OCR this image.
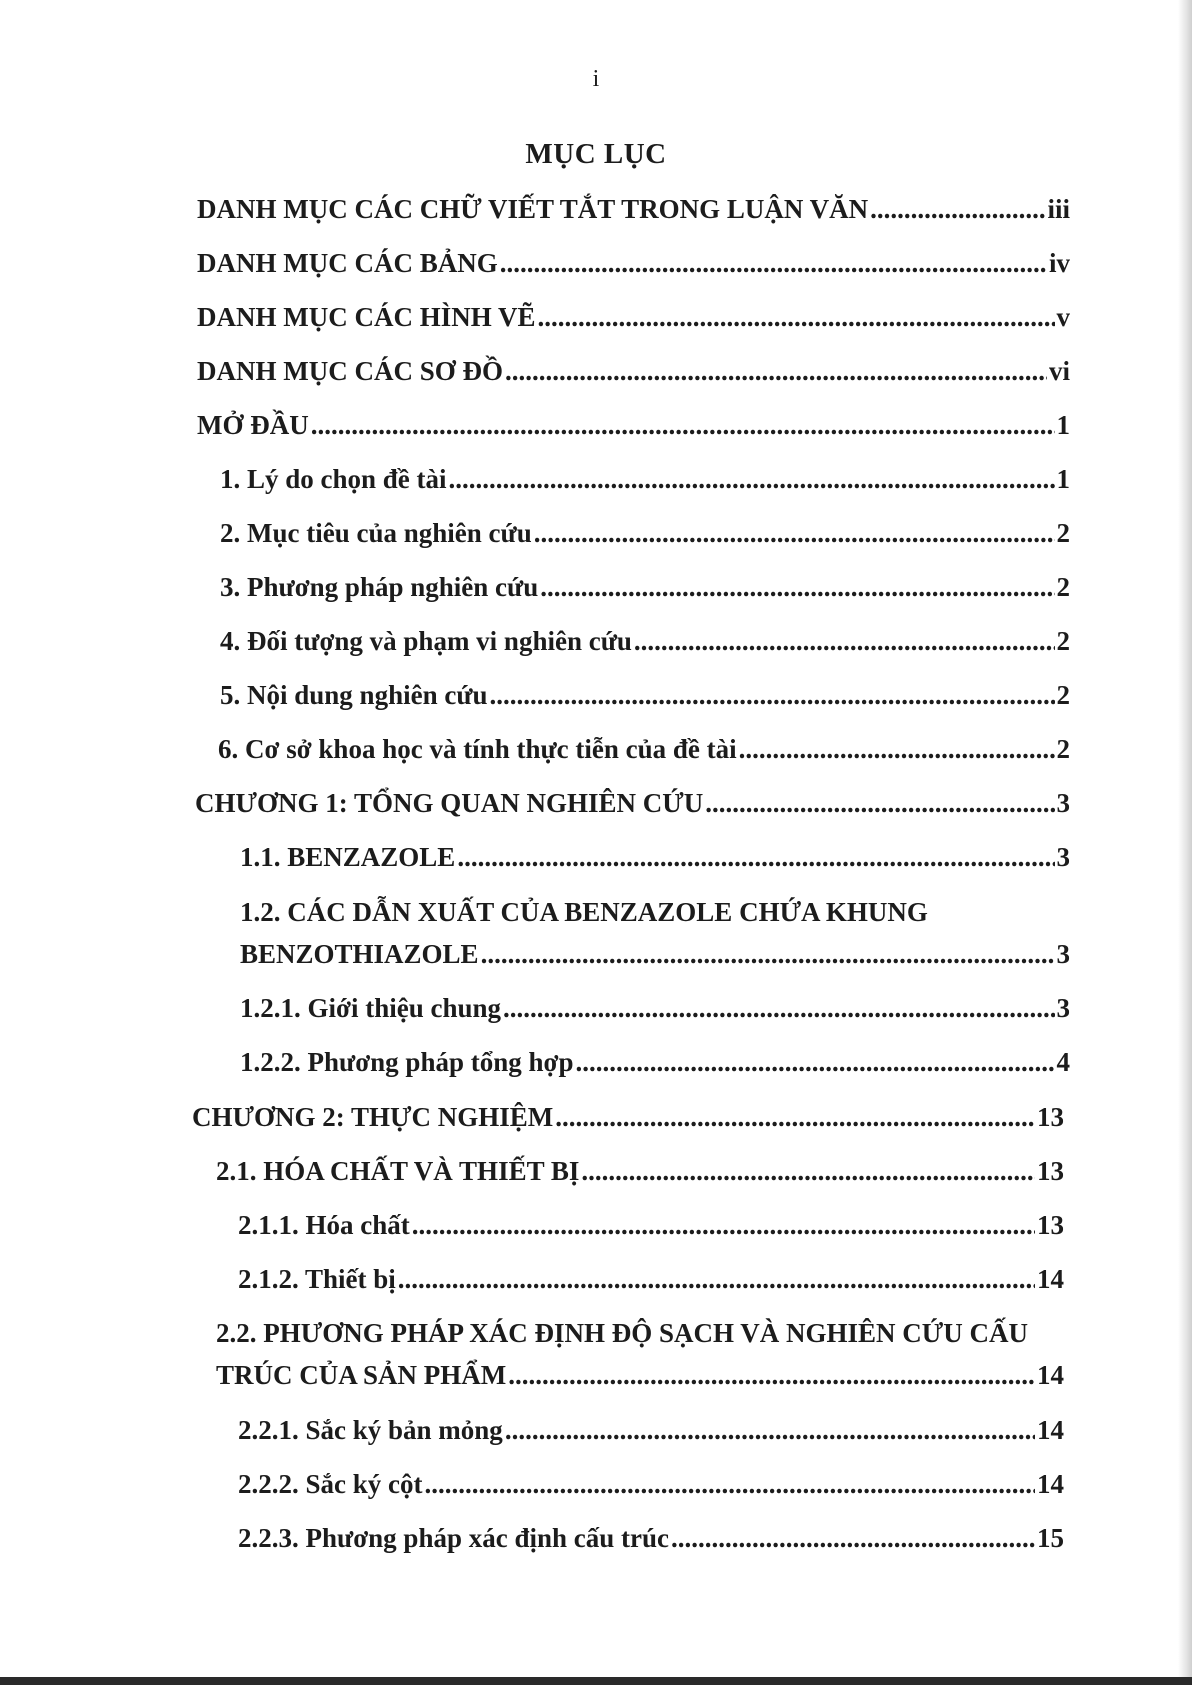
i
MỤC LỤC
DANH MỤC CÁC CHỮ VIẾT TẮT TRONG LUẬN VĂN .....	iii
DANH MỤC CÁC BẢNG .....	iv
DANH MỤC CÁC HÌNH VẼ .....	v
DANH MỤC CÁC SƠ ĐỒ .....	vi
MỞ ĐẦU .....	1
1. Lý do chọn đề tài .....	1
2. Mục tiêu của nghiên cứu .....	2
3. Phương pháp nghiên cứu .....	2
4. Đối tượng và phạm vi nghiên cứu .....	2
5. Nội dung nghiên cứu .....	2
6. Cơ sở khoa học và tính thực tiễn của đề tài .....	2
CHƯƠNG 1: TỔNG QUAN NGHIÊN CỨU .....	3
1.1. BENZAZOLE .....	3
1.2. CÁC DẪN XUẤT CỦA BENZAZOLE CHỨA KHUNG
BENZOTHIAZOLE .....	3
1.2.1. Giới thiệu chung .....	3
1.2.2. Phương pháp tổng hợp .....	4
CHƯƠNG 2: THỰC NGHIỆM .....	13
2.1. HÓA CHẤT VÀ THIẾT BỊ .....	13
2.1.1. Hóa chất .....	13
2.1.2. Thiết bị .....	14
2.2. PHƯƠNG PHÁP XÁC ĐỊNH ĐỘ SẠCH VÀ NGHIÊN CỨU CẤU
TRÚC CỦA SẢN PHẨM .....	14
2.2.1. Sắc ký bản mỏng .....	14
2.2.2. Sắc ký cột .....	14
2.2.3. Phương pháp xác định cấu trúc .....	15
